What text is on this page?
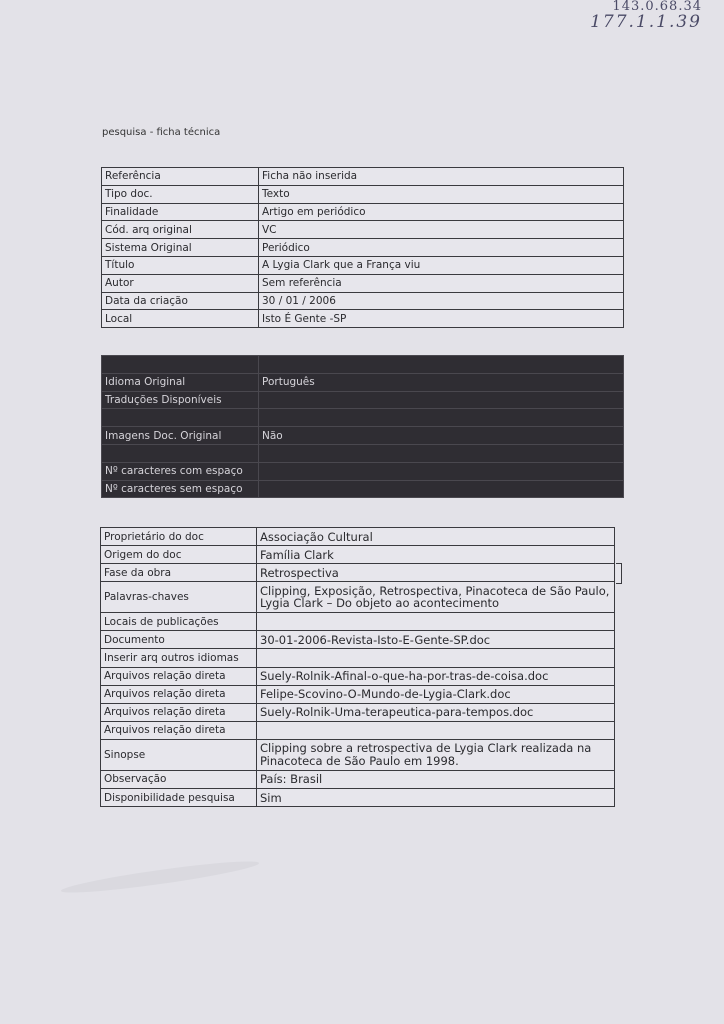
143.0.68.34
177.1.1.39
pesquisa - ficha técnica
Referência	Ficha não inserida
Tipo doc.	Texto
Finalidade	Artigo em periódico
Cód. arq original	VC
Sistema Original	Periódico
Título	A Lygia Clark que a França viu
Autor	Sem referência
Data da criação	30 / 01 / 2006
Local	Isto É Gente -SP

Idioma Original	Português
Traduções Disponíveis	

Imagens Doc. Original	Não

Nº caracteres com espaço	
Nº caracteres sem espaço	
Proprietário do doc	Associação Cultural
Origem do doc	Família Clark
Fase da obra	Retrospectiva
Palavras-chaves	Clipping, Exposição, Retrospectiva, Pinacoteca de São Paulo, Lygia Clark – Do objeto ao acontecimento
Locais de publicações	
Documento	30-01-2006-Revista-Isto-E-Gente-SP.doc
Inserir arq outros idiomas	
Arquivos relação direta	Suely-Rolnik-Afinal-o-que-ha-por-tras-de-coisa.doc
Arquivos relação direta	Felipe-Scovino-O-Mundo-de-Lygia-Clark.doc
Arquivos relação direta	Suely-Rolnik-Uma-terapeutica-para-tempos.doc
Arquivos relação direta	
Sinopse	Clipping sobre a retrospectiva de Lygia Clark realizada na Pinacoteca de São Paulo em 1998.
Observação	País: Brasil
Disponibilidade pesquisa	Sim
